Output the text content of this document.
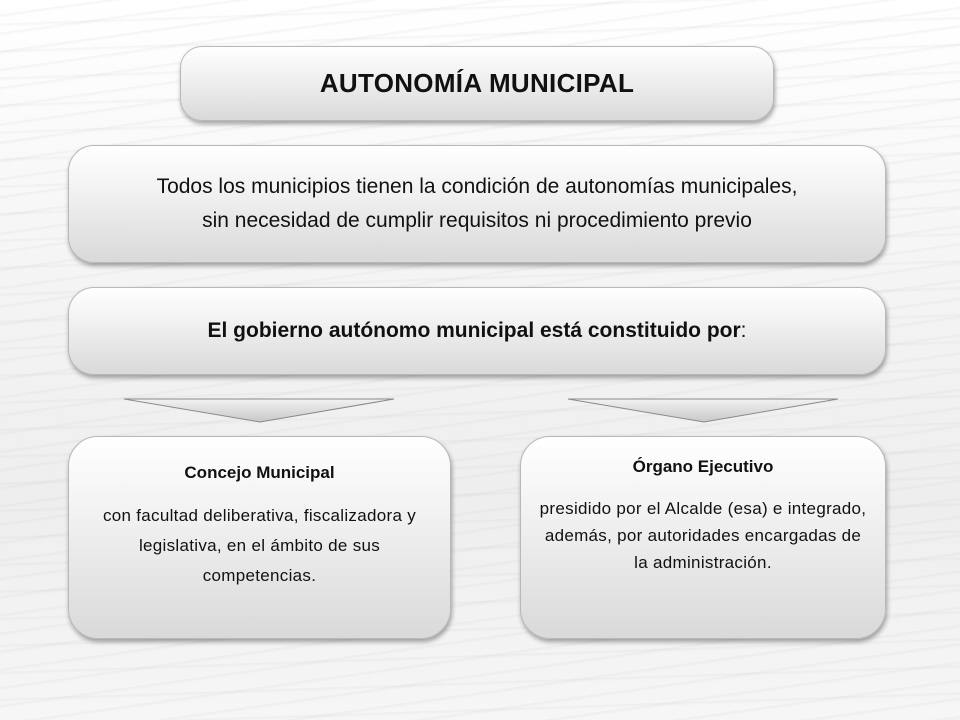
AUTONOMÍA MUNICIPAL
Todos los municipios tienen la condición de autonomías municipales,
sin necesidad de cumplir requisitos ni procedimiento previo
El gobierno autónomo municipal está constituido por:
Concejo Municipal
con facultad deliberativa, fiscalizadora y legislativa, en el ámbito de sus competencias.
Órgano Ejecutivo
presidido por el Alcalde (esa) e integrado, además, por autoridades encargadas de la administración.
